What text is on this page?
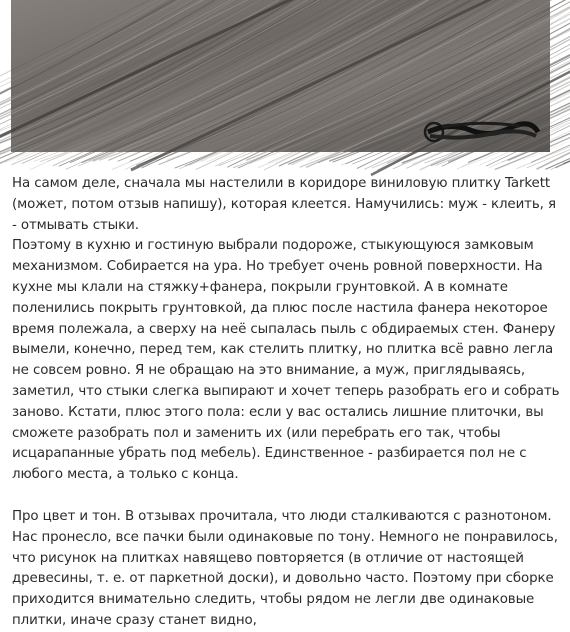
На самом деле, сначала мы настелили в коридоре виниловую плитку Tarkett (может, потом отзыв напишу), которая клеется. Намучились: муж - клеить, я - отмывать стыки.

Поэтому в кухню и гостиную выбрали подороже, стыкующуюся замковым механизмом. Собирается на ура. Но требует очень ровной поверхности. На кухне мы клали на стяжку+фанера, покрыли грунтовкой. А в комнате поленились покрыть грунтовкой, да плюс после настила фанера некоторое время полежала, а сверху на неё сыпалась пыль с обдираемых стен. Фанеру вымели, конечно, перед тем, как стелить плитку, но плитка всё равно легла не совсем ровно. Я не обращаю на это внимание, а муж, приглядываясь, заметил, что стыки слегка выпирают и хочет теперь разобрать его и собрать заново. Кстати, плюс этого пола: если у вас остались лишние плиточки, вы сможете разобрать пол и заменить их (или перебрать его так, чтобы исцарапанные убрать под мебель). Единственное - разбирается пол не с любого места, а только с конца.

Про цвет и тон. В отзывах прочитала, что люди сталкиваются с разнотоном. Нас пронесло, все пачки были одинаковые по тону. Немного не понравилось, что рисунок на плитках навящево повторяется (в отличие от настоящей древесины, т. е. от паркетной доски), и довольно часто. Поэтому при сборке приходится внимательно следить, чтобы рядом не легли две одинаковые плитки, иначе сразу станет видно,
